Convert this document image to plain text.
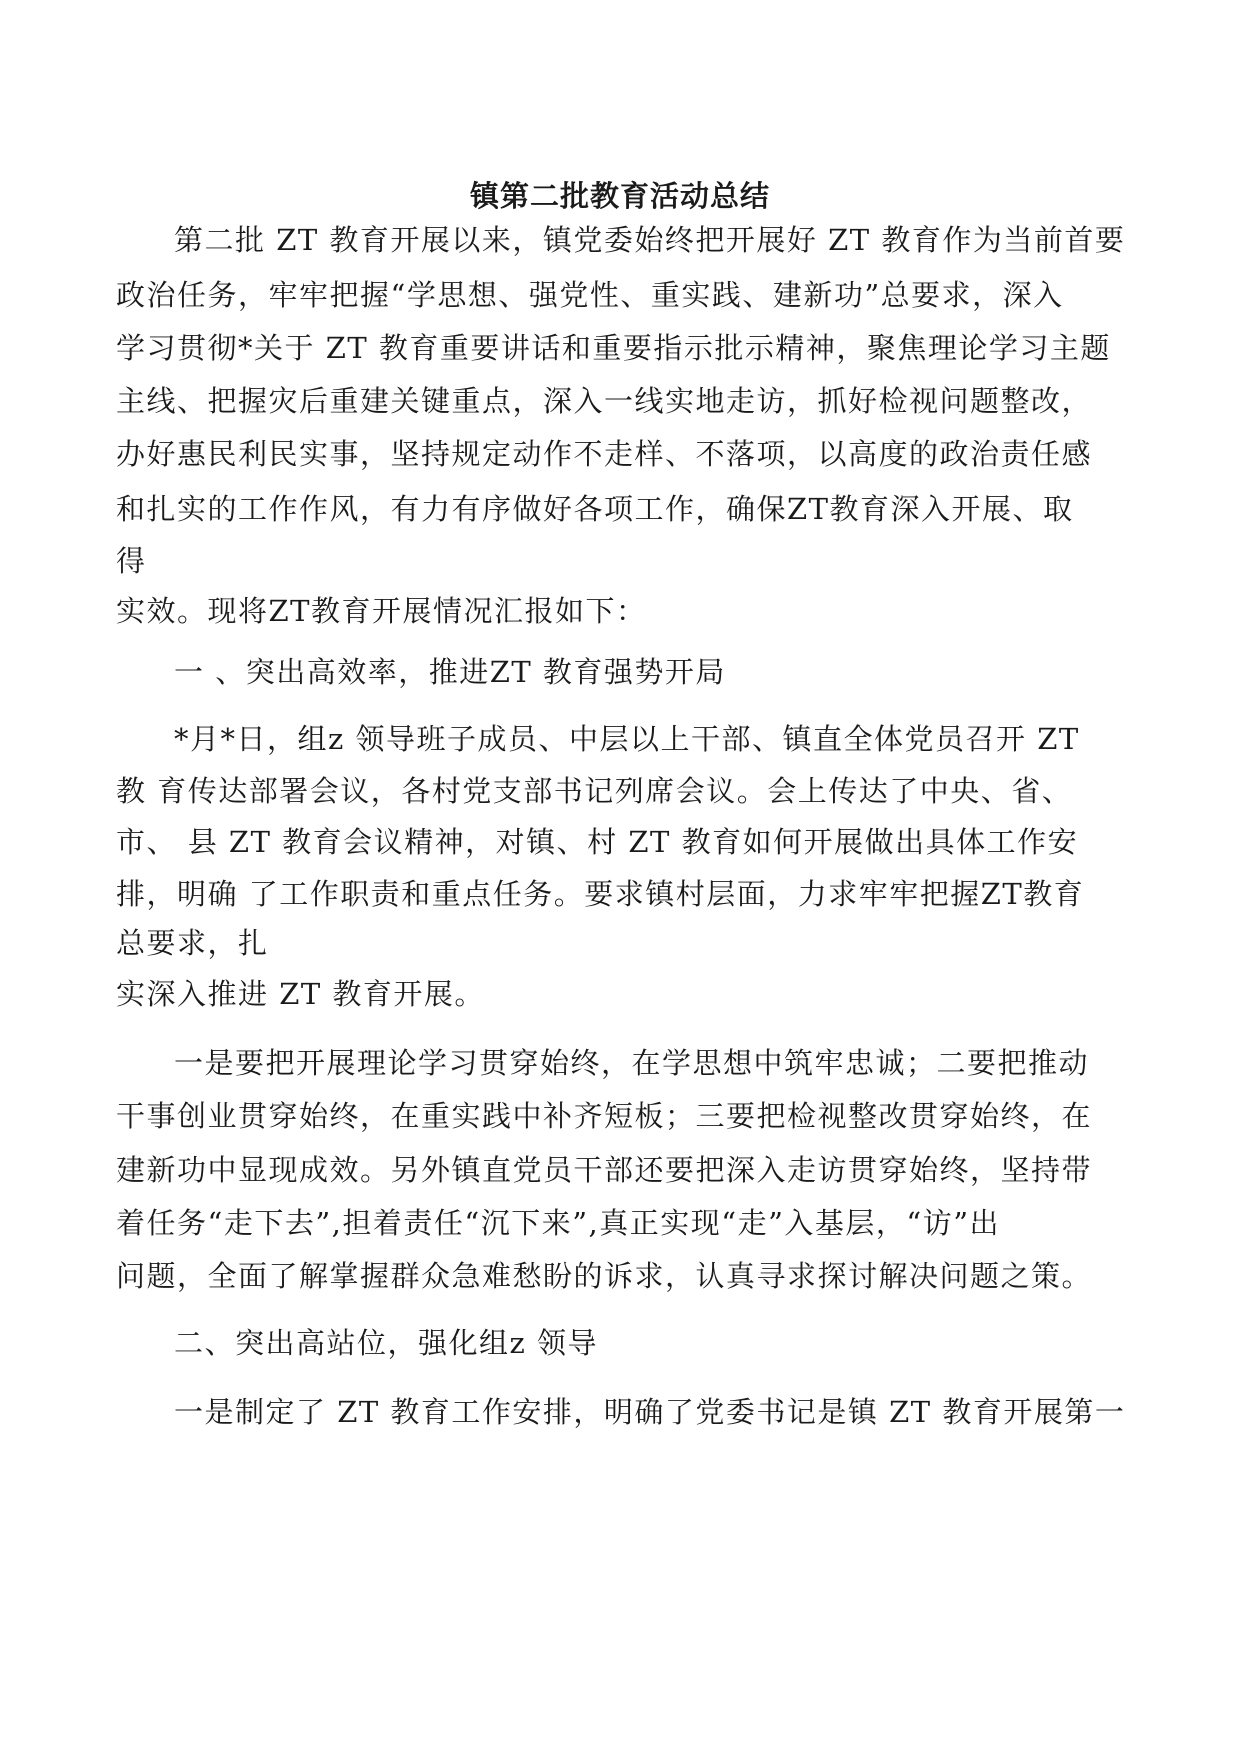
镇第二批教育活动总结
第二批 ZT 教育开展以来，镇党委始终把开展好 ZT 教育作为当前首要
政治任务，牢牢把握“学思想、强党性、重实践、建新功”总要求，深入
学习贯彻*关于 ZT 教育重要讲话和重要指示批示精神，聚焦理论学习主题
主线、把握灾后重建关键重点，深入一线实地走访，抓好检视问题整改，
办好惠民利民实事，坚持规定动作不走样、不落项，以高度的政治责任感
和扎实的工作作风，有力有序做好各项工作，确保ZT教育深入开展、取
得
实效。现将ZT教育开展情况汇报如下：
一 、突出高效率，推进ZT 教育强势开局
*月*日，组z 领导班子成员、中层以上干部、镇直全体党员召开 ZT
教 育传达部署会议，各村党支部书记列席会议。会上传达了中央、省、
市、 县 ZT 教育会议精神，对镇、村 ZT 教育如何开展做出具体工作安
排，明确 了工作职责和重点任务。要求镇村层面，力求牢牢把握ZT教育
总要求，扎
实深入推进 ZT 教育开展。
一是要把开展理论学习贯穿始终，在学思想中筑牢忠诚；二要把推动
干事创业贯穿始终，在重实践中补齐短板；三要把检视整改贯穿始终，在
建新功中显现成效。另外镇直党员干部还要把深入走访贯穿始终，坚持带
着任务“走下去”,担着责任“沉下来”,真正实现“走”入基层，“访”出
问题，全面了解掌握群众急难愁盼的诉求，认真寻求探讨解决问题之策。
二、突出高站位，强化组z 领导
一是制定了 ZT 教育工作安排，明确了党委书记是镇 ZT 教育开展第一
